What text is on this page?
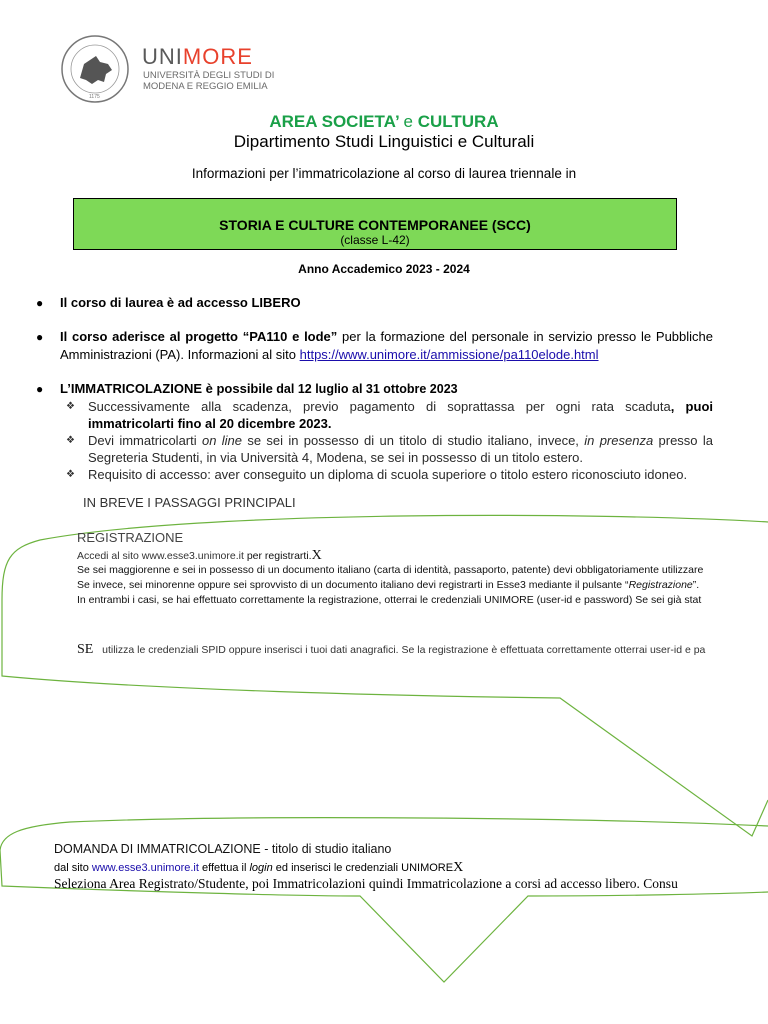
1175
UNIMORE
UNIVERSITÀ DEGLI STUDI DI
MODENA E REGGIO EMILIA
AREA SOCIETA’ e CULTURA
Dipartimento Studi Linguistici e Culturali
Informazioni per l’immatricolazione al corso di laurea triennale in
STORIA E CULTURE CONTEMPORANEE (SCC)
(classe L-42)
Anno Accademico 2023 - 2024
● Il corso di laurea è ad accesso LIBERO
● Il corso aderisce al progetto “PA110 e lode” per la formazione del personale in servizio presso le Pubbliche Amministrazioni (PA). Informazioni al sito https://www.unimore.it/ammissione/pa110elode.html
● L’IMMATRICOLAZIONE è possibile dal 12 luglio al 31 ottobre 2023
❖ Successivamente alla scadenza, previo pagamento di soprattassa per ogni rata scaduta, puoi immatricolarti fino al 20 dicembre 2023.
❖ Devi immatricolarti on line se sei in possesso di un titolo di studio italiano, invece, in presenza presso la Segreteria Studenti, in via Università 4, Modena, se sei in possesso di un titolo estero.
❖ Requisito di accesso: aver conseguito un diploma di scuola superiore o titolo estero riconosciuto idoneo.
IN BREVE I PASSAGGI PRINCIPALI
REGISTRAZIONE
Accedi al sito www.esse3.unimore.it per registrarti.X
Se sei maggiorenne e sei in possesso di un documento italiano (carta di identità, passaporto, patente) devi obbligatoriamente utilizzare
Se invece, sei minorenne oppure sei sprovvisto di un documento italiano devi registrarti in Esse3 mediante il pulsante “Registrazione”.
In entrambi i casi, se hai effettuato correttamente la registrazione, otterrai le credenziali UNIMORE (user-id e password) Se sei già stat
SE utilizza le credenziali SPID oppure inserisci i tuoi dati anagrafici. Se la registrazione è effettuata correttamente otterrai user-id e pa
DOMANDA DI IMMATRICOLAZIONE - titolo di studio italiano
dal sito www.esse3.unimore.it effettua il login ed inserisci le credenziali UNIMOREX
Seleziona Area Registrato/Studente, poi Immatricolazioni quindi Immatricolazione a corsi ad accesso libero. Consu
